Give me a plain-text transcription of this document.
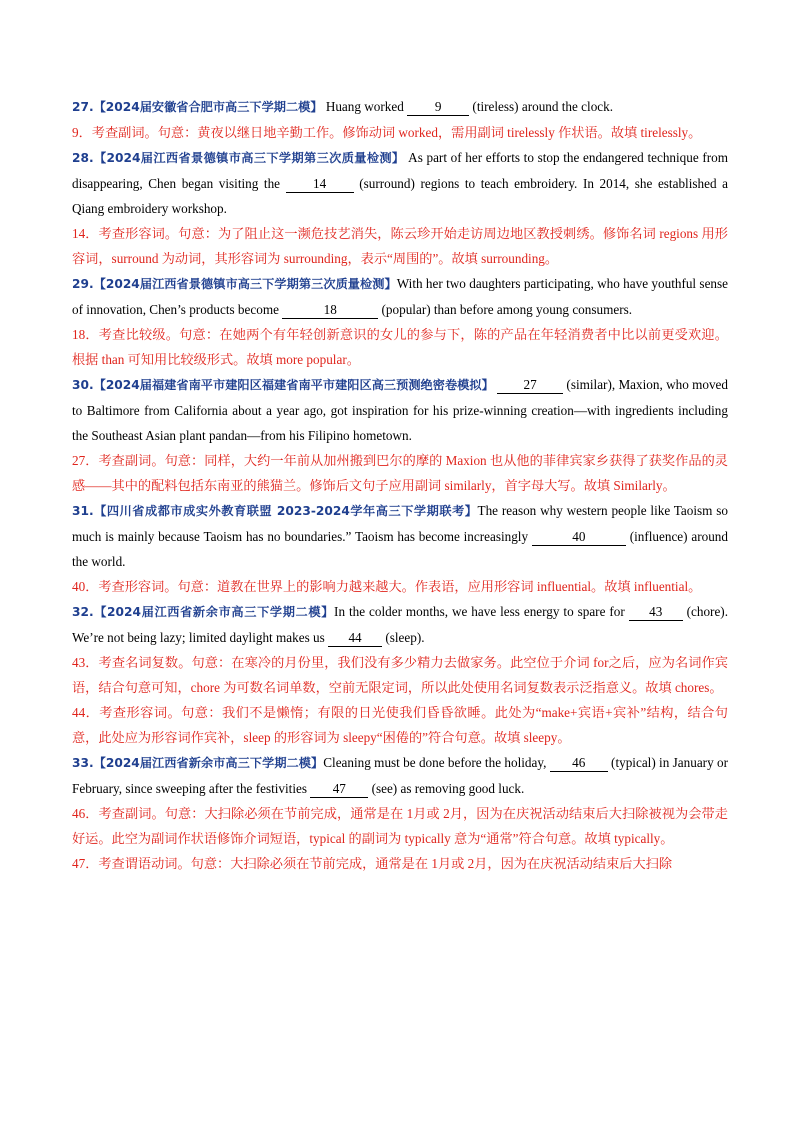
27.【2024届安徽省合肥市高三下学期二模】 Huang worked 9 (tireless) around the clock.

9．考查副词。句意：黄夜以继日地辛勤工作。修饰动词 worked，需用副词 tirelessly 作状语。故填 tirelessly。

28.【2024届江西省景德镇市高三下学期第三次质量检测】 As part of her efforts to stop the endangered technique from disappearing, Chen began visiting the 14 (surround) regions to teach embroidery. In 2014, she established a Qiang embroidery workshop.

14．考查形容词。句意：为了阻止这一濒危技艺消失，陈云珍开始走访周边地区教授刺绣。修饰名词 regions 用形容词，surround 为动词，其形容词为 surrounding，表示“周围的”。故填 surrounding。

29.【2024届江西省景德镇市高三下学期第三次质量检测】With her two daughters participating, who have youthful sense of innovation, Chen’s products become	18	(popular) than before among young consumers.

18．考查比较级。句意：在她两个有年轻创新意识的女儿的参与下，陈的产品在年轻消费者中比以前更受欢迎。根据 than 可知用比较级形式。故填 more popular。

30.【2024届福建省南平市建阳区福建省南平市建阳区高三预测绝密卷模拟】 27 (similar), Maxion, who moved to Baltimore from California about a year ago, got inspiration for his prize-winning creation—with ingredients including the Southeast Asian plant pandan—from his Filipino hometown.

27．考查副词。句意：同样，大约一年前从加州搬到巴尔的摩的 Maxion 也从他的菲律宾家乡获得了获奖作品的灵感——其中的配料包括东南亚的熊猫兰。修饰后文句子应用副词 similarly，首字母大写。故填 Similarly。

31.【四川省成都市成实外教育联盟 2023-2024学年高三下学期联考】The reason why western people like Taoism so much is mainly because Taoism has no boundaries.” Taoism has become increasingly	40	(influence) around the world.

40．考查形容词。句意：道教在世界上的影响力越来越大。作表语，应用形容词 influential。故填 influential。

32.【2024届江西省新余市高三下学期二模】In the colder months, we have less energy to spare for 43 (chore). We’re not being lazy; limited daylight makes us 44 (sleep).

43．考查名词复数。句意：在寒冷的月份里，我们没有多少精力去做家务。此空位于介词 for之后，应为名词作宾语，结合句意可知，chore 为可数名词单数，空前无限定词，所以此处使用名词复数表示泛指意义。故填 chores。

44．考查形容词。句意：我们不是懒惰；有限的日光使我们昏昏欲睡。此处为“make+宾语+宾补”结构，结合句意，此处应为形容词作宾补，sleep 的形容词为 sleepy“困倦的”符合句意。故填 sleepy。

33.【2024届江西省新余市高三下学期二模】Cleaning must be done before the holiday, 46 (typical) in January or February, since sweeping after the festivities 47 (see) as removing good luck.

46．考查副词。句意：大扫除必须在节前完成，通常是在 1月或 2月，因为在庆祝活动结束后大扫除被视为会带走好运。此空为副词作状语修饰介词短语，typical 的副词为 typically 意为“通常”符合句意。故填 typically。

47．考查谓语动词。句意：大扫除必须在节前完成，通常是在 1月或 2月，因为在庆祝活动结束后大扫除
